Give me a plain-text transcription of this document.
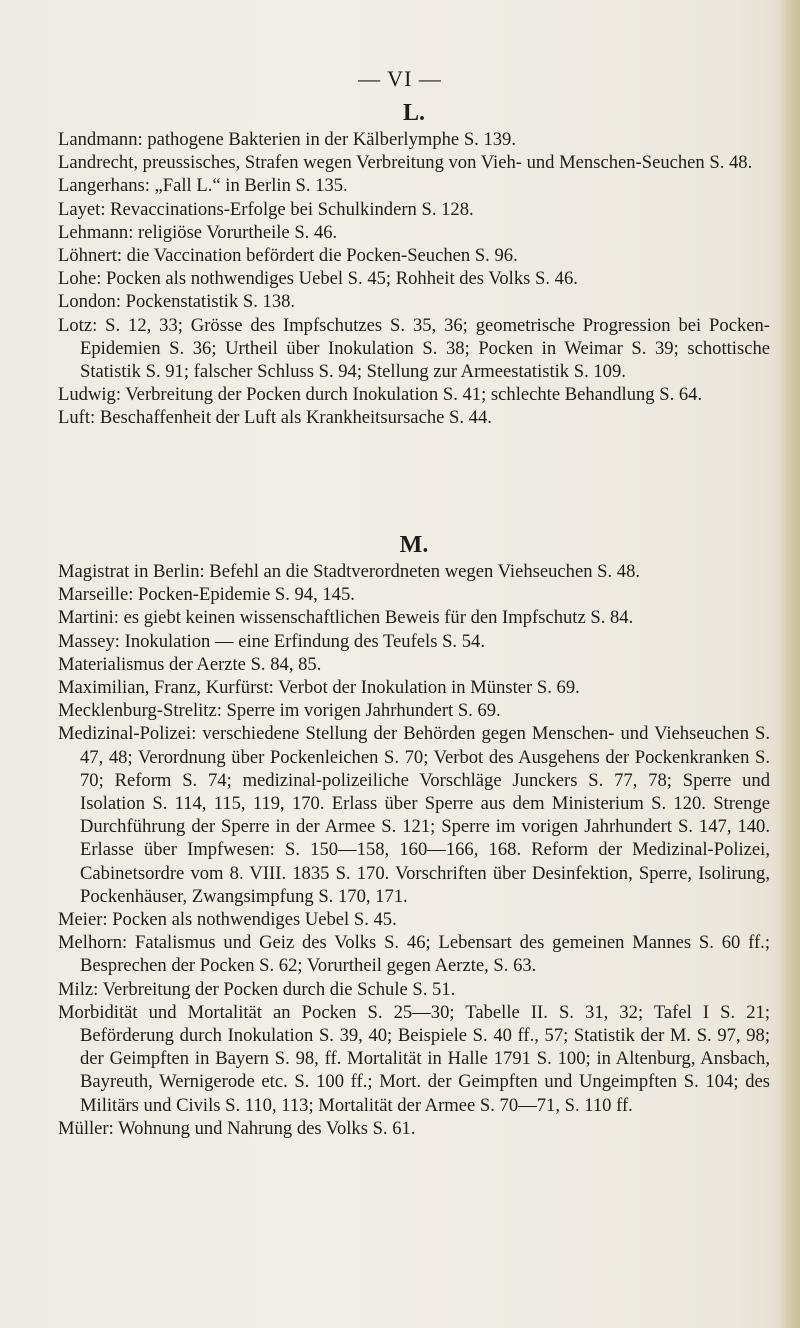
— VI —
L.
Landmann: pathogene Bakterien in der Kälberlymphe S. 139.
Landrecht, preussisches, Strafen wegen Verbreitung von Vieh- und Menschen-Seuchen S. 48.
Langerhans: „Fall L.“ in Berlin S. 135.
Layet: Revaccinations-Erfolge bei Schulkindern S. 128.
Lehmann: religiöse Vorurtheile S. 46.
Löhnert: die Vaccination befördert die Pocken-Seuchen S. 96.
Lohe: Pocken als nothwendiges Uebel S. 45; Rohheit des Volks S. 46.
London: Pockenstatistik S. 138.
Lotz: S. 12, 33; Grösse des Impfschutzes S. 35, 36; geometrische Progression bei Pocken-Epidemien S. 36; Urtheil über Inokulation S. 38; Pocken in Weimar S. 39; schottische Statistik S. 91; falscher Schluss S. 94; Stellung zur Armeestatistik S. 109.
Ludwig: Verbreitung der Pocken durch Inokulation S. 41; schlechte Behandlung S. 64.
Luft: Beschaffenheit der Luft als Krankheitsursache S. 44.
M.
Magistrat in Berlin: Befehl an die Stadtverordneten wegen Viehseuchen S. 48.
Marseille: Pocken-Epidemie S. 94, 145.
Martini: es giebt keinen wissenschaftlichen Beweis für den Impfschutz S. 84.
Massey: Inokulation — eine Erfindung des Teufels S. 54.
Materialismus der Aerzte S. 84, 85.
Maximilian, Franz, Kurfürst: Verbot der Inokulation in Münster S. 69.
Mecklenburg-Strelitz: Sperre im vorigen Jahrhundert S. 69.
Medizinal-Polizei: verschiedene Stellung der Behörden gegen Menschen- und Viehseuchen S. 47, 48; Verordnung über Pockenleichen S. 70; Verbot des Ausgehens der Pockenkranken S. 70; Reform S. 74; medizinal-polizeiliche Vorschläge Junckers S. 77, 78; Sperre und Isolation S. 114, 115, 119, 170. Erlass über Sperre aus dem Ministerium S. 120. Strenge Durchführung der Sperre in der Armee S. 121; Sperre im vorigen Jahrhundert S. 147, 140. Erlasse über Impfwesen: S. 150—158, 160—166, 168. Reform der Medizinal-Polizei, Cabinetsordre vom 8. VIII. 1835 S. 170. Vorschriften über Desinfektion, Sperre, Isolirung, Pockenhäuser, Zwangsimpfung S. 170, 171.
Meier: Pocken als nothwendiges Uebel S. 45.
Melhorn: Fatalismus und Geiz des Volks S. 46; Lebensart des gemeinen Mannes S. 60 ff.; Besprechen der Pocken S. 62; Vorurtheil gegen Aerzte, S. 63.
Milz: Verbreitung der Pocken durch die Schule S. 51.
Morbidität und Mortalität an Pocken S. 25—30; Tabelle II. S. 31, 32; Tafel I S. 21; Beförderung durch Inokulation S. 39, 40; Beispiele S. 40 ff., 57; Statistik der M. S. 97, 98; der Geimpften in Bayern S. 98, ff. Mortalität in Halle 1791 S. 100; in Altenburg, Ansbach, Bayreuth, Wernigerode etc. S. 100 ff.; Mort. der Geimpften und Ungeimpften S. 104; des Militärs und Civils S. 110, 113; Mortalität der Armee S. 70—71, S. 110 ff.
Müller: Wohnung und Nahrung des Volks S. 61.
